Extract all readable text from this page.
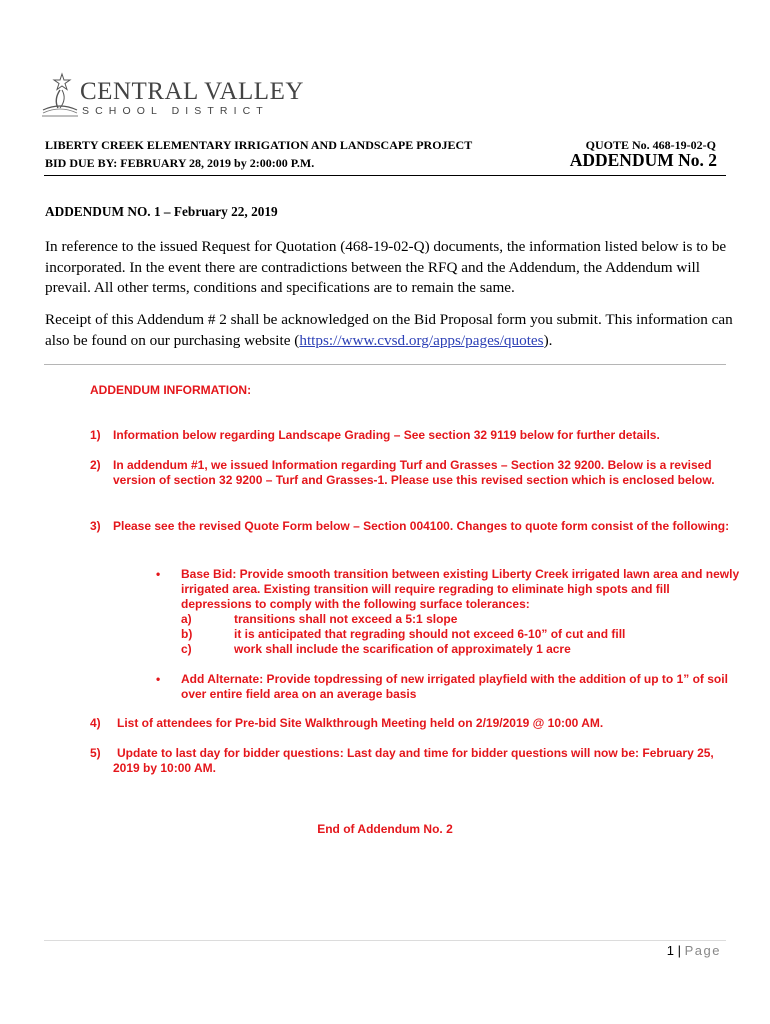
CENTRAL VALLEY
SCHOOL DISTRICT
LIBERTY CREEK ELEMENTARY IRRIGATION AND LANDSCAPE PROJECT	QUOTE No. 468-19-02-Q
BID DUE BY: FEBRUARY 28, 2019 by 2:00:00 P.M.	ADDENDUM No. 2
ADDENDUM NO. 1 – February 22, 2019
In reference to the issued Request for Quotation (468-19-02-Q) documents, the information listed below is to be incorporated. In the event there are contradictions between the RFQ and the Addendum, the Addendum will prevail. All other terms, conditions and specifications are to remain the same.
Receipt of this Addendum # 2 shall be acknowledged on the Bid Proposal form you submit. This information can also be found on our purchasing website (https://www.cvsd.org/apps/pages/quotes).
ADDENDUM INFORMATION:
1) Information below regarding Landscape Grading – See section 32 9119 below for further details.
2) In addendum #1, we issued Information regarding Turf and Grasses – Section 32 9200. Below is a revised version of section 32 9200 – Turf and Grasses-1. Please use this revised section which is enclosed below.
3) Please see the revised Quote Form below – Section 004100. Changes to quote form consist of the following:
• Base Bid: Provide smooth transition between existing Liberty Creek irrigated lawn area and newly irrigated area. Existing transition will require regrading to eliminate high spots and fill depressions to comply with the following surface tolerances:
a)	transitions shall not exceed a 5:1 slope
b)	it is anticipated that regrading should not exceed 6-10” of cut and fill
c)	work shall include the scarification of approximately 1 acre
• Add Alternate: Provide topdressing of new irrigated playfield with the addition of up to 1” of soil over entire field area on an average basis
4) List of attendees for Pre-bid Site Walkthrough Meeting held on 2/19/2019 @ 10:00 AM.
5)	Update to last day for bidder questions: Last day and time for bidder questions will now be: February 25, 2019 by 10:00 AM.
End of Addendum No. 2
1 | Page
